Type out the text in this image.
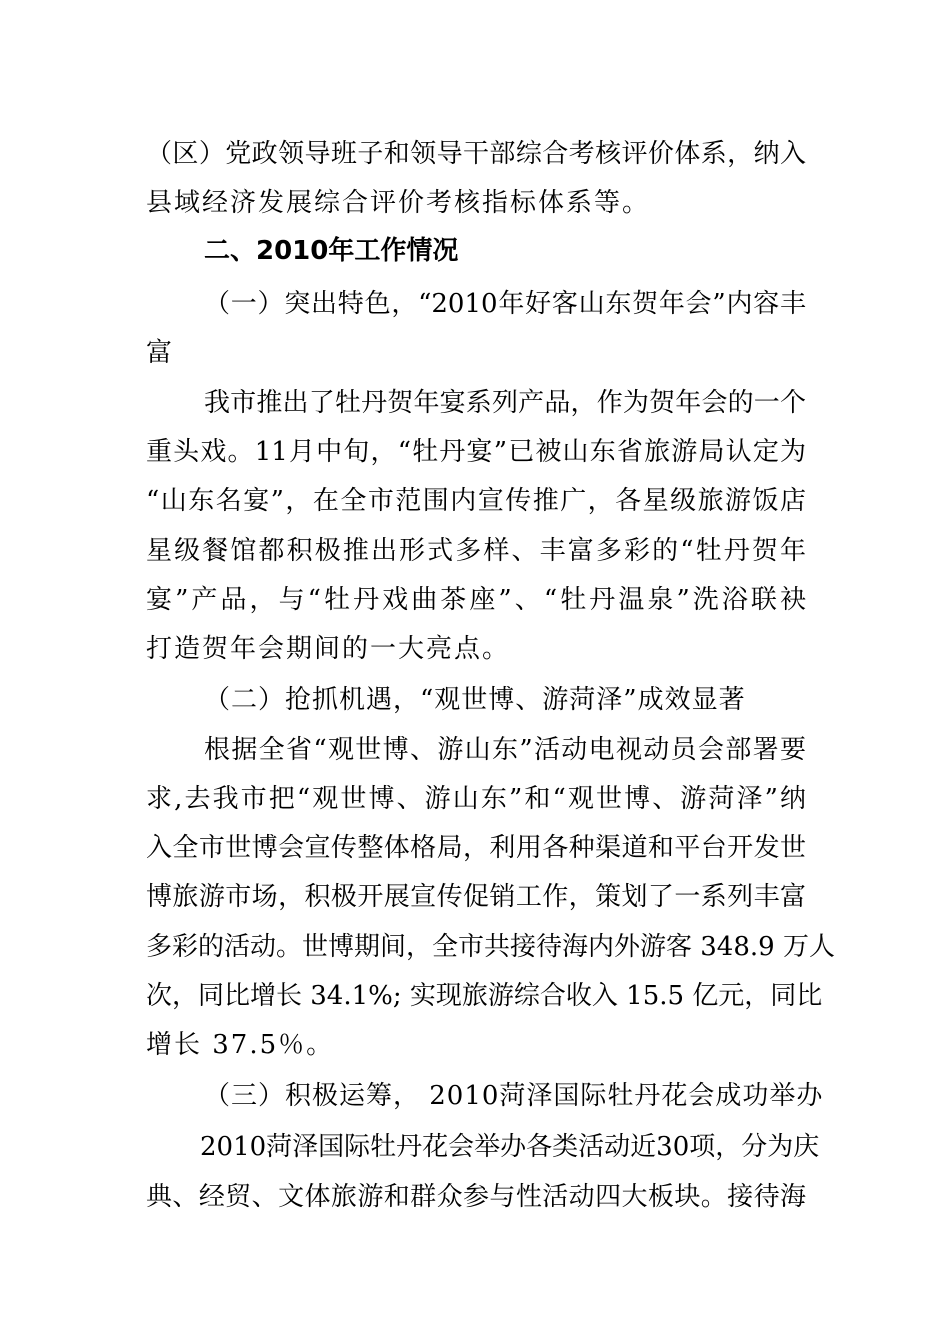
（区）党政领导班子和领导干部综合考核评价体系，纳入
县域经济发展综合评价考核指标体系等。
二、2010年工作情况
（一）突出特色，“2010年好客山东贺年会”内容丰
富
我市推出了牡丹贺年宴系列产品，作为贺年会的一个
重头戏。11月中旬，“牡丹宴”已被山东省旅游局认定为
“山东名宴”，在全市范围内宣传推广，各星级旅游饭店
星级餐馆都积极推出形式多样、丰富多彩的“牡丹贺年
宴”产品，与“牡丹戏曲茶座”、“牡丹温泉”洗浴联袂
打造贺年会期间的一大亮点。
（二）抢抓机遇，“观世博、游菏泽”成效显著
根据全省“观世博、游山东”活动电视动员会部署要
求,去我市把“观世博、游山东”和“观世博、游菏泽”纳
入全市世博会宣传整体格局，利用各种渠道和平台开发世
博旅游市场，积极开展宣传促销工作，策划了一系列丰富
多彩的活动。世博期间，全市共接待海内外游客 348.9 万人
次，同比增长 34.1%; 实现旅游综合收入 15.5 亿元，同比
增长 37.5％。
（三）积极运筹， 2010菏泽国际牡丹花会成功举办
2010菏泽国际牡丹花会举办各类活动近30项，分为庆
典、经贸、文体旅游和群众参与性活动四大板块。接待海
